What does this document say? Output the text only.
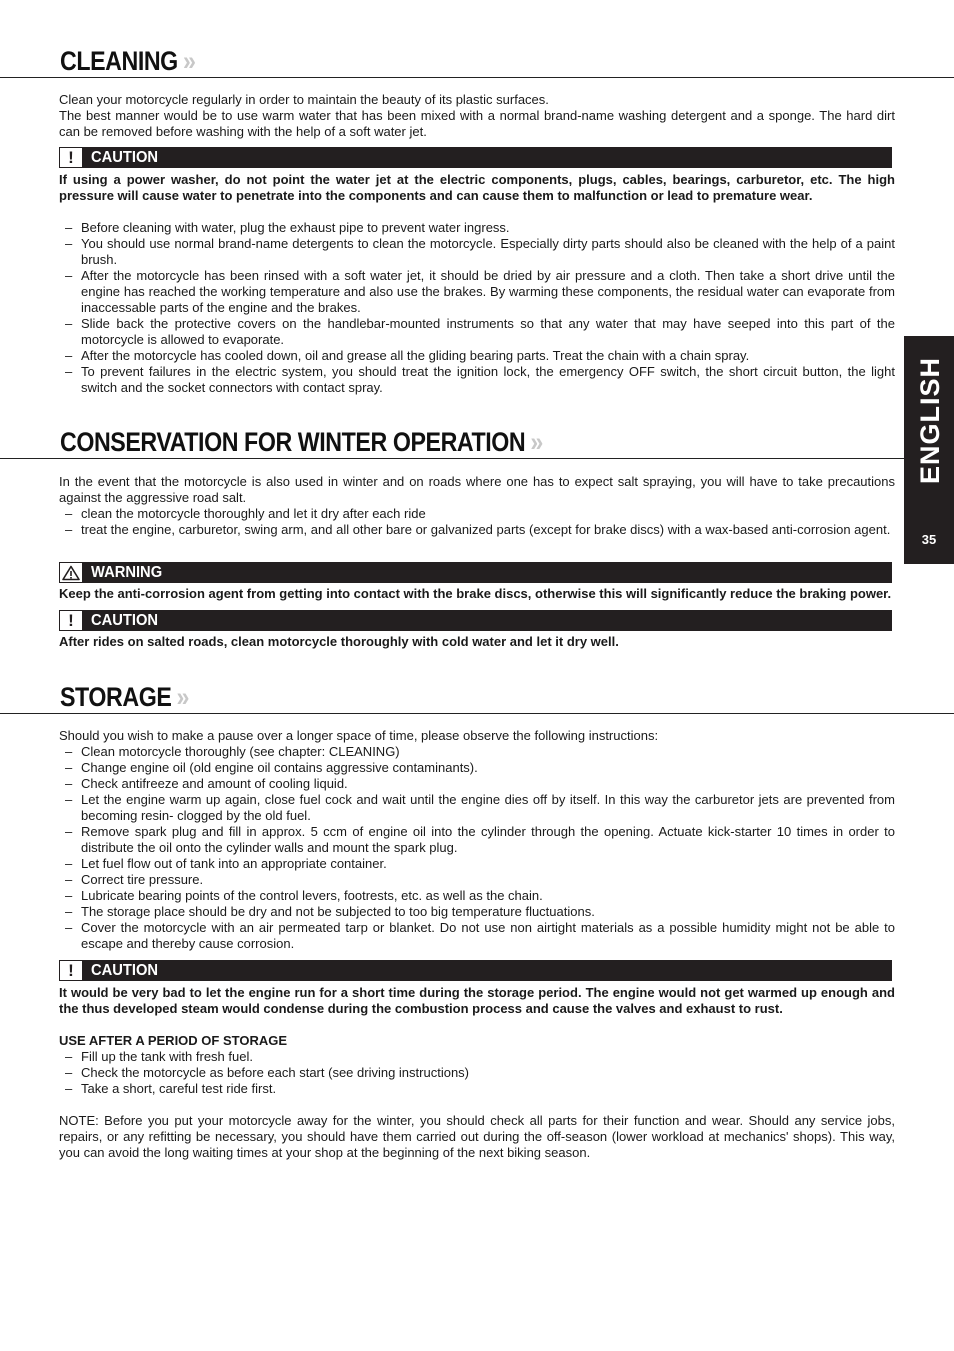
CLEANING »

Clean your motorcycle regularly in order to maintain the beauty of its plastic surfaces.

The best manner would be to use warm water that has been mixed with a normal brand-name washing detergent and a sponge. The hard dirt can be removed before washing with the help of a soft water jet.

!	CAUTION
If using a power washer, do not point the water jet at the electric components, plugs, cables, bearings, carburetor, etc. The high pressure will cause water to penetrate into the components and can cause them to malfunction or lead to premature wear.
– Before cleaning with water, plug the exhaust pipe to prevent water ingress.
– You should use normal brand-name detergents to clean the motorcycle. Especially dirty parts should also be cleaned with the help of a paint brush.
– After the motorcycle has been rinsed with a soft water jet, it should be dried by air pressure and a cloth. Then take a short drive until the engine has reached the working temperature and also use the brakes. By warming these components, the residual water can evaporate from inaccessable parts of the engine and the brakes.
– Slide back the protective covers on the handlebar-mounted instruments so that any water that may have seeped into this part of the motorcycle is allowed to evaporate.
– After the motorcycle has cooled down, oil and grease all the gliding bearing parts. Treat the chain with a chain spray.
– To prevent failures in the electric system, you should treat the ignition lock, the emergency OFF switch, the short circuit button, the light switch and the socket connectors with contact spray.
CONSERVATION FOR WINTER OPERATION »

In the event that the motorcycle is also used in winter and on roads where one has to expect salt spraying, you will have to take precautions against the aggressive road salt.

– clean the motorcycle thoroughly and let it dry after each ride
– treat the engine, carburetor, swing arm, and all other bare or galvanized parts (except for brake discs) with a wax-based anti-corrosion agent.
WARNING
Keep the anti-corrosion agent from getting into contact with the brake discs, otherwise this will significantly reduce the braking power.
!	CAUTION
After rides on salted roads, clean motorcycle thoroughly with cold water and let it dry well.
STORAGE »

Should you wish to make a pause over a longer space of time, please observe the following instructions:

– Clean motorcycle thoroughly (see chapter: CLEANING)
– Change engine oil (old engine oil contains aggressive contaminants).
– Check antifreeze and amount of cooling liquid.
– Let the engine warm up again, close fuel cock and wait until the engine dies off by itself. In this way the carburetor jets are prevented from becoming resin- clogged by the old fuel.
– Remove spark plug and fill in approx. 5 ccm of engine oil into the cylinder through the opening. Actuate kick-starter 10 times in order to distribute the oil onto the cylinder walls and mount the spark plug.
– Let fuel flow out of tank into an appropriate container.
– Correct tire pressure.
– Lubricate bearing points of the control levers, footrests, etc. as well as the chain.
– The storage place should be dry and not be subjected to too big temperature fluctuations.
– Cover the motorcycle with an air permeated tarp or blanket. Do not use non airtight materials as a possible humidity might not be able to escape and thereby cause corrosion.
!	CAUTION
It would be very bad to let the engine run for a short time during the storage period. The engine would not get warmed up enough and the thus developed steam would condense during the combustion process and cause the valves and exhaust to rust.

USE AFTER A PERIOD OF STORAGE

– Fill up the tank with fresh fuel.
– Check the motorcycle as before each start (see driving instructions)
– Take a short, careful test ride first.
NOTE: Before you put your motorcycle away for the winter, you should check all parts for their function and wear. Should any service jobs, repairs, or any refitting be necessary, you should have them carried out during the off-season (lower workload at mechanics' shops). This way, you can avoid the long waiting times at your shop at the beginning of the next biking season.
ENGLISH
35
